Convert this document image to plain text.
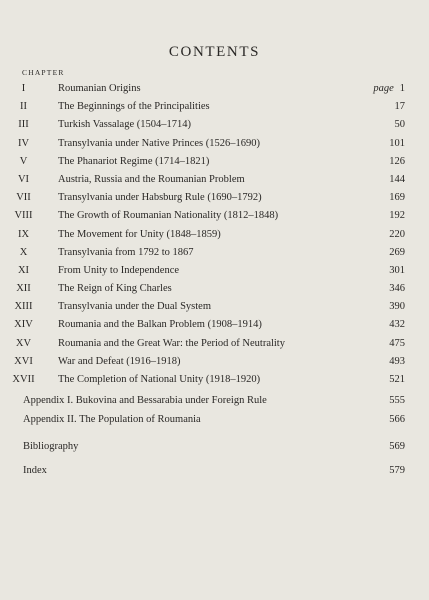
CONTENTS
CHAPTER
I	Roumanian Origins	page 1
II	The Beginnings of the Principalities	17
III	Turkish Vassalage (1504–1714)	50
IV	Transylvania under Native Princes (1526–1690)	101
V	The Phanariot Regime (1714–1821)	126
VI	Austria, Russia and the Roumanian Problem	144
VII	Transylvania under Habsburg Rule (1690–1792)	169
VIII	The Growth of Roumanian Nationality (1812–1848)	192
IX	The Movement for Unity (1848–1859)	220
X	Transylvania from 1792 to 1867	269
XI	From Unity to Independence	301
XII	The Reign of King Charles	346
XIII	Transylvania under the Dual System	390
XIV	Roumania and the Balkan Problem (1908–1914)	432
XV	Roumania and the Great War: the Period of Neutrality	475
XVI	War and Defeat (1916–1918)	493
XVII	The Completion of National Unity (1918–1920)	521
Appendix I. Bukovina and Bessarabia under Foreign Rule	555
Appendix II. The Population of Roumania	566
Bibliography	569
Index	579
